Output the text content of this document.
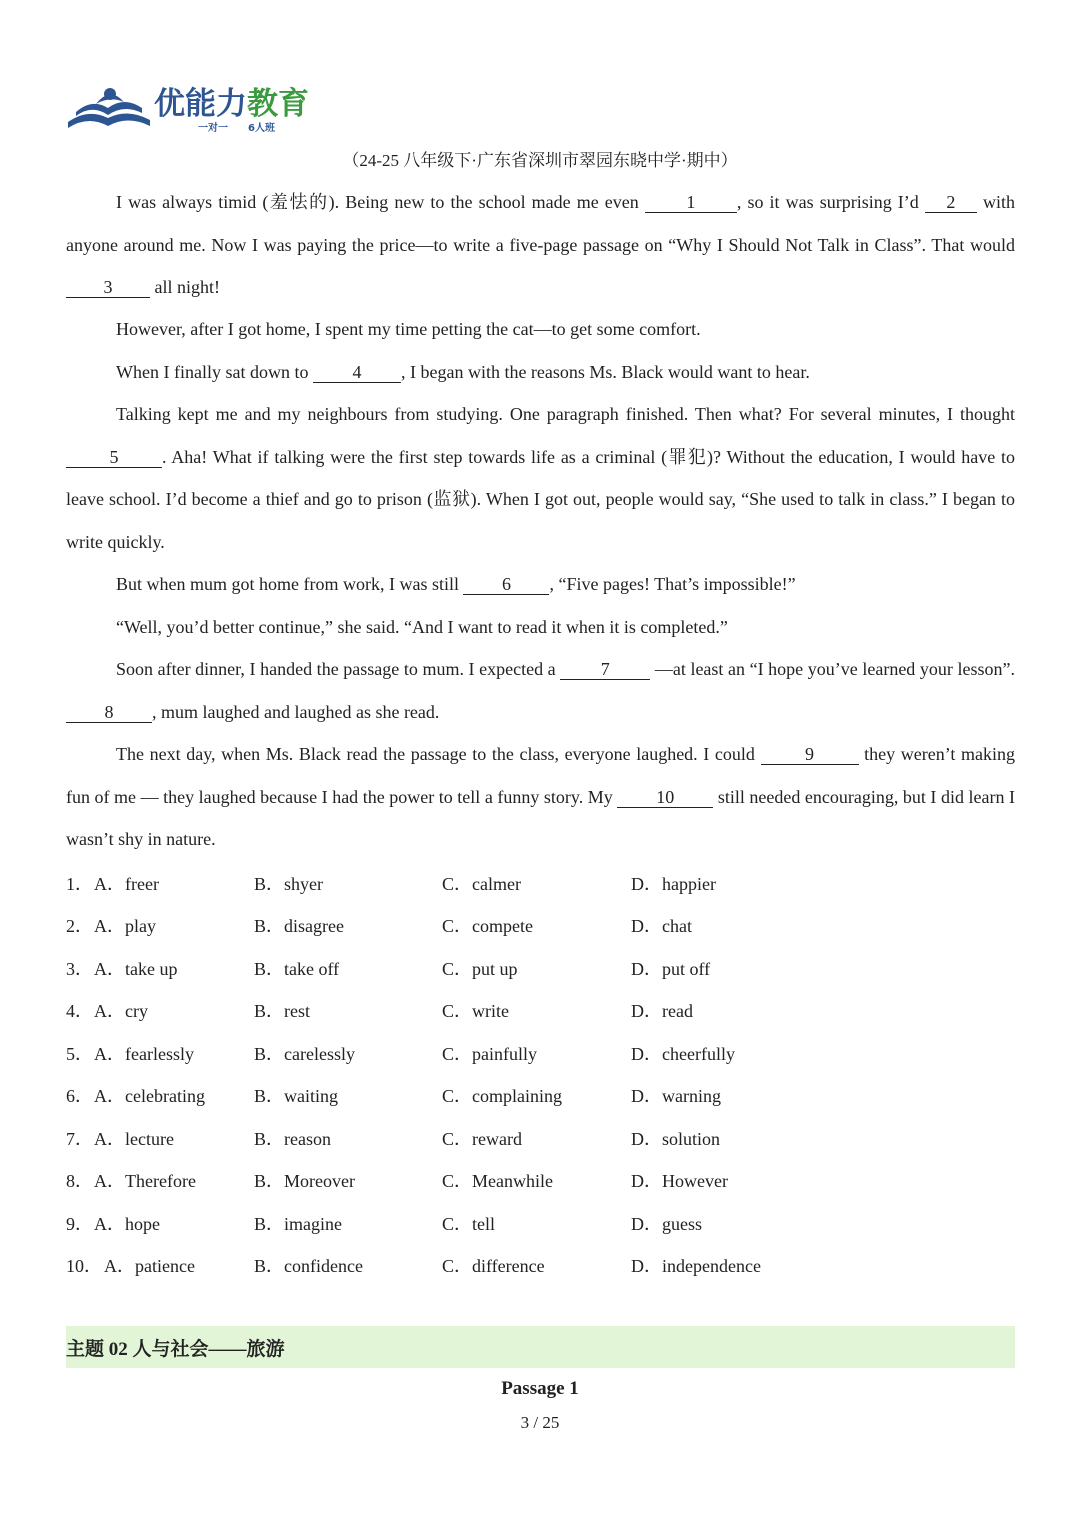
优能力教育
一对一 6人班
（24-25 八年级下·广东省深圳市翠园东晓中学·期中）
I was always timid (羞怯的). Being new to the school made me even 1 , so it was surprising I’d 2 with anyone around me. Now I was paying the price—to write a five-page passage on “Why I Should Not Talk in Class”. That would 3 all night!
However, after I got home, I spent my time petting the cat—to get some comfort.
When I finally sat down to 4 , I began with the reasons Ms. Black would want to hear.
Talking kept me and my neighbours from studying. One paragraph finished. Then what? For several minutes, I thought 5 . Aha! What if talking were the first step towards life as a criminal (罪犯)? Without the education, I would have to leave school. I’d become a thief and go to prison (监狱). When I got out, people would say, “She used to talk in class.” I began to write quickly.
But when mum got home from work, I was still 6 , “Five pages! That’s impossible!”
“Well, you’d better continue,” she said. “And I want to read it when it is completed.”
Soon after dinner, I handed the passage to mum. I expected a 7 —at least an “I hope you’ve learned your lesson”. 8 , mum laughed and laughed as she read.
The next day, when Ms. Black read the passage to the class, everyone laughed. I could 9 they weren’t making fun of me — they laughed because I had the power to tell a funny story. My 10 still needed encouraging, but I did learn I wasn’t shy in nature.
1． A．freer	B．shyer	C．calmer	D．happier
2． A．play	B．disagree	C．compete	D．chat
3． A．take up	B．take off	C．put up	D．put off
4． A．cry	B．rest	C．write	D．read
5． A．fearlessly	B．carelessly	C．painfully	D．cheerfully
6． A．celebrating	B．waiting	C．complaining	D．warning
7． A．lecture	B．reason	C．reward	D．solution
8． A．Therefore	B．Moreover	C．Meanwhile	D．However
9． A．hope	B．imagine	C．tell	D．guess
10． A．patience	B．confidence	C．difference	D．independence
主题 02 人与社会——旅游
Passage 1
3 / 25
